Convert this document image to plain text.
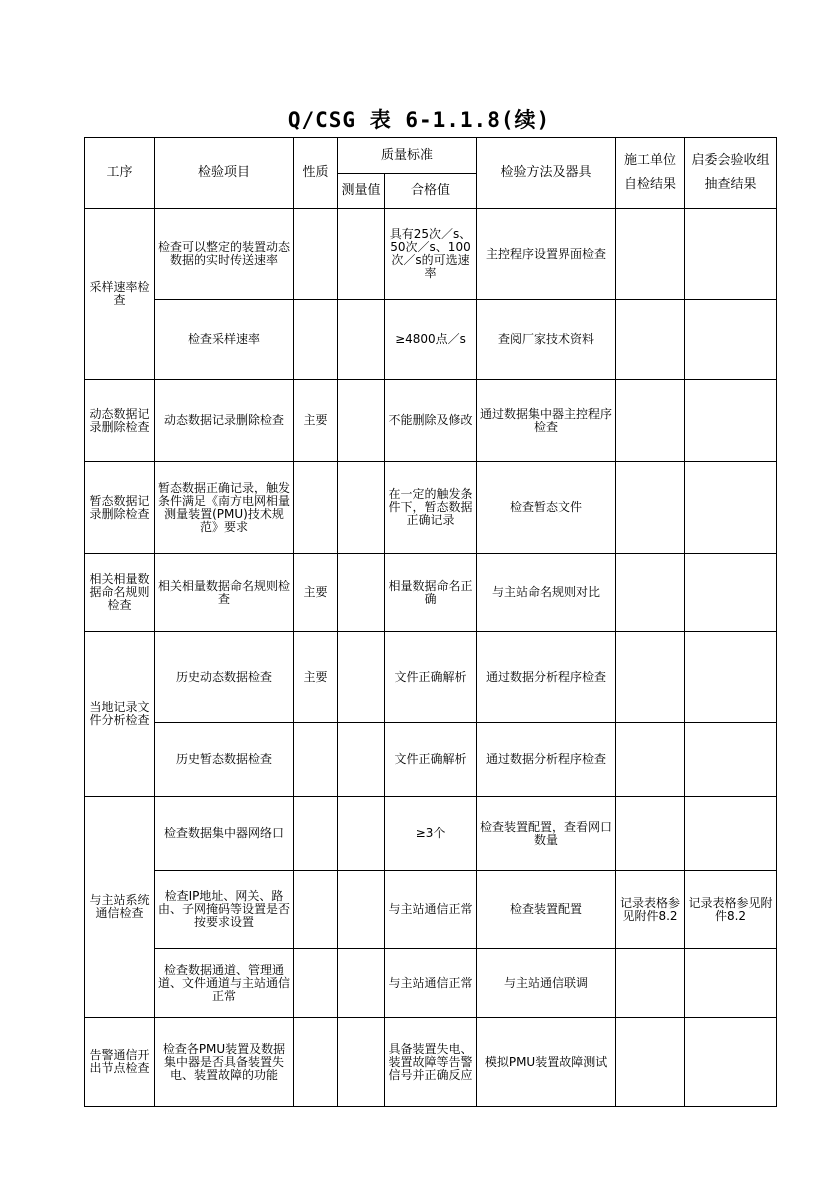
Q/CSG 表 6-1.1.8(续)
工序	检验项目	性质	质量标准		检验方法及器具	施工单位自检结果	启委会验收组抽查结果
			测量值	合格值			
采样速率检查	检查可以整定的装置动态数据的实时传送速率			具有25次／s、50次／s、100次／s的可选速率	主控程序设置界面检查		
	检查采样速率			≥4800点／s	查阅厂家技术资料		
动态数据记录删除检查	动态数据记录删除检查	主要		不能删除及修改	通过数据集中器主控程序检查		
暂态数据记录删除检查	暂态数据正确记录，触发条件满足《南方电网相量测量装置(PMU)技术规范》要求			在一定的触发条件下，暂态数据正确记录	检查暂态文件		
相关相量数据命名规则检查	相关相量数据命名规则检查	主要		相量数据命名正确	与主站命名规则对比		
当地记录文件分析检查	历史动态数据检查	主要		文件正确解析	通过数据分析程序检查		
	历史暂态数据检查			文件正确解析	通过数据分析程序检查		
与主站系统通信检查	检查数据集中器网络口			≥3个	检查装置配置，查看网口数量		
	检查IP地址、网关、路由、子网掩码等设置是否按要求设置			与主站通信正常	检查装置配置	记录表格参见附件8.2	记录表格参见附件8.2
	检查数据通道、管理通道、文件通道与主站通信正常			与主站通信正常	与主站通信联调		
告警通信开出节点检查	检查各PMU装置及数据集中器是否具备装置失电、装置故障的功能			具备装置失电、装置故障等告警信号并正确反应	模拟PMU装置故障测试		
